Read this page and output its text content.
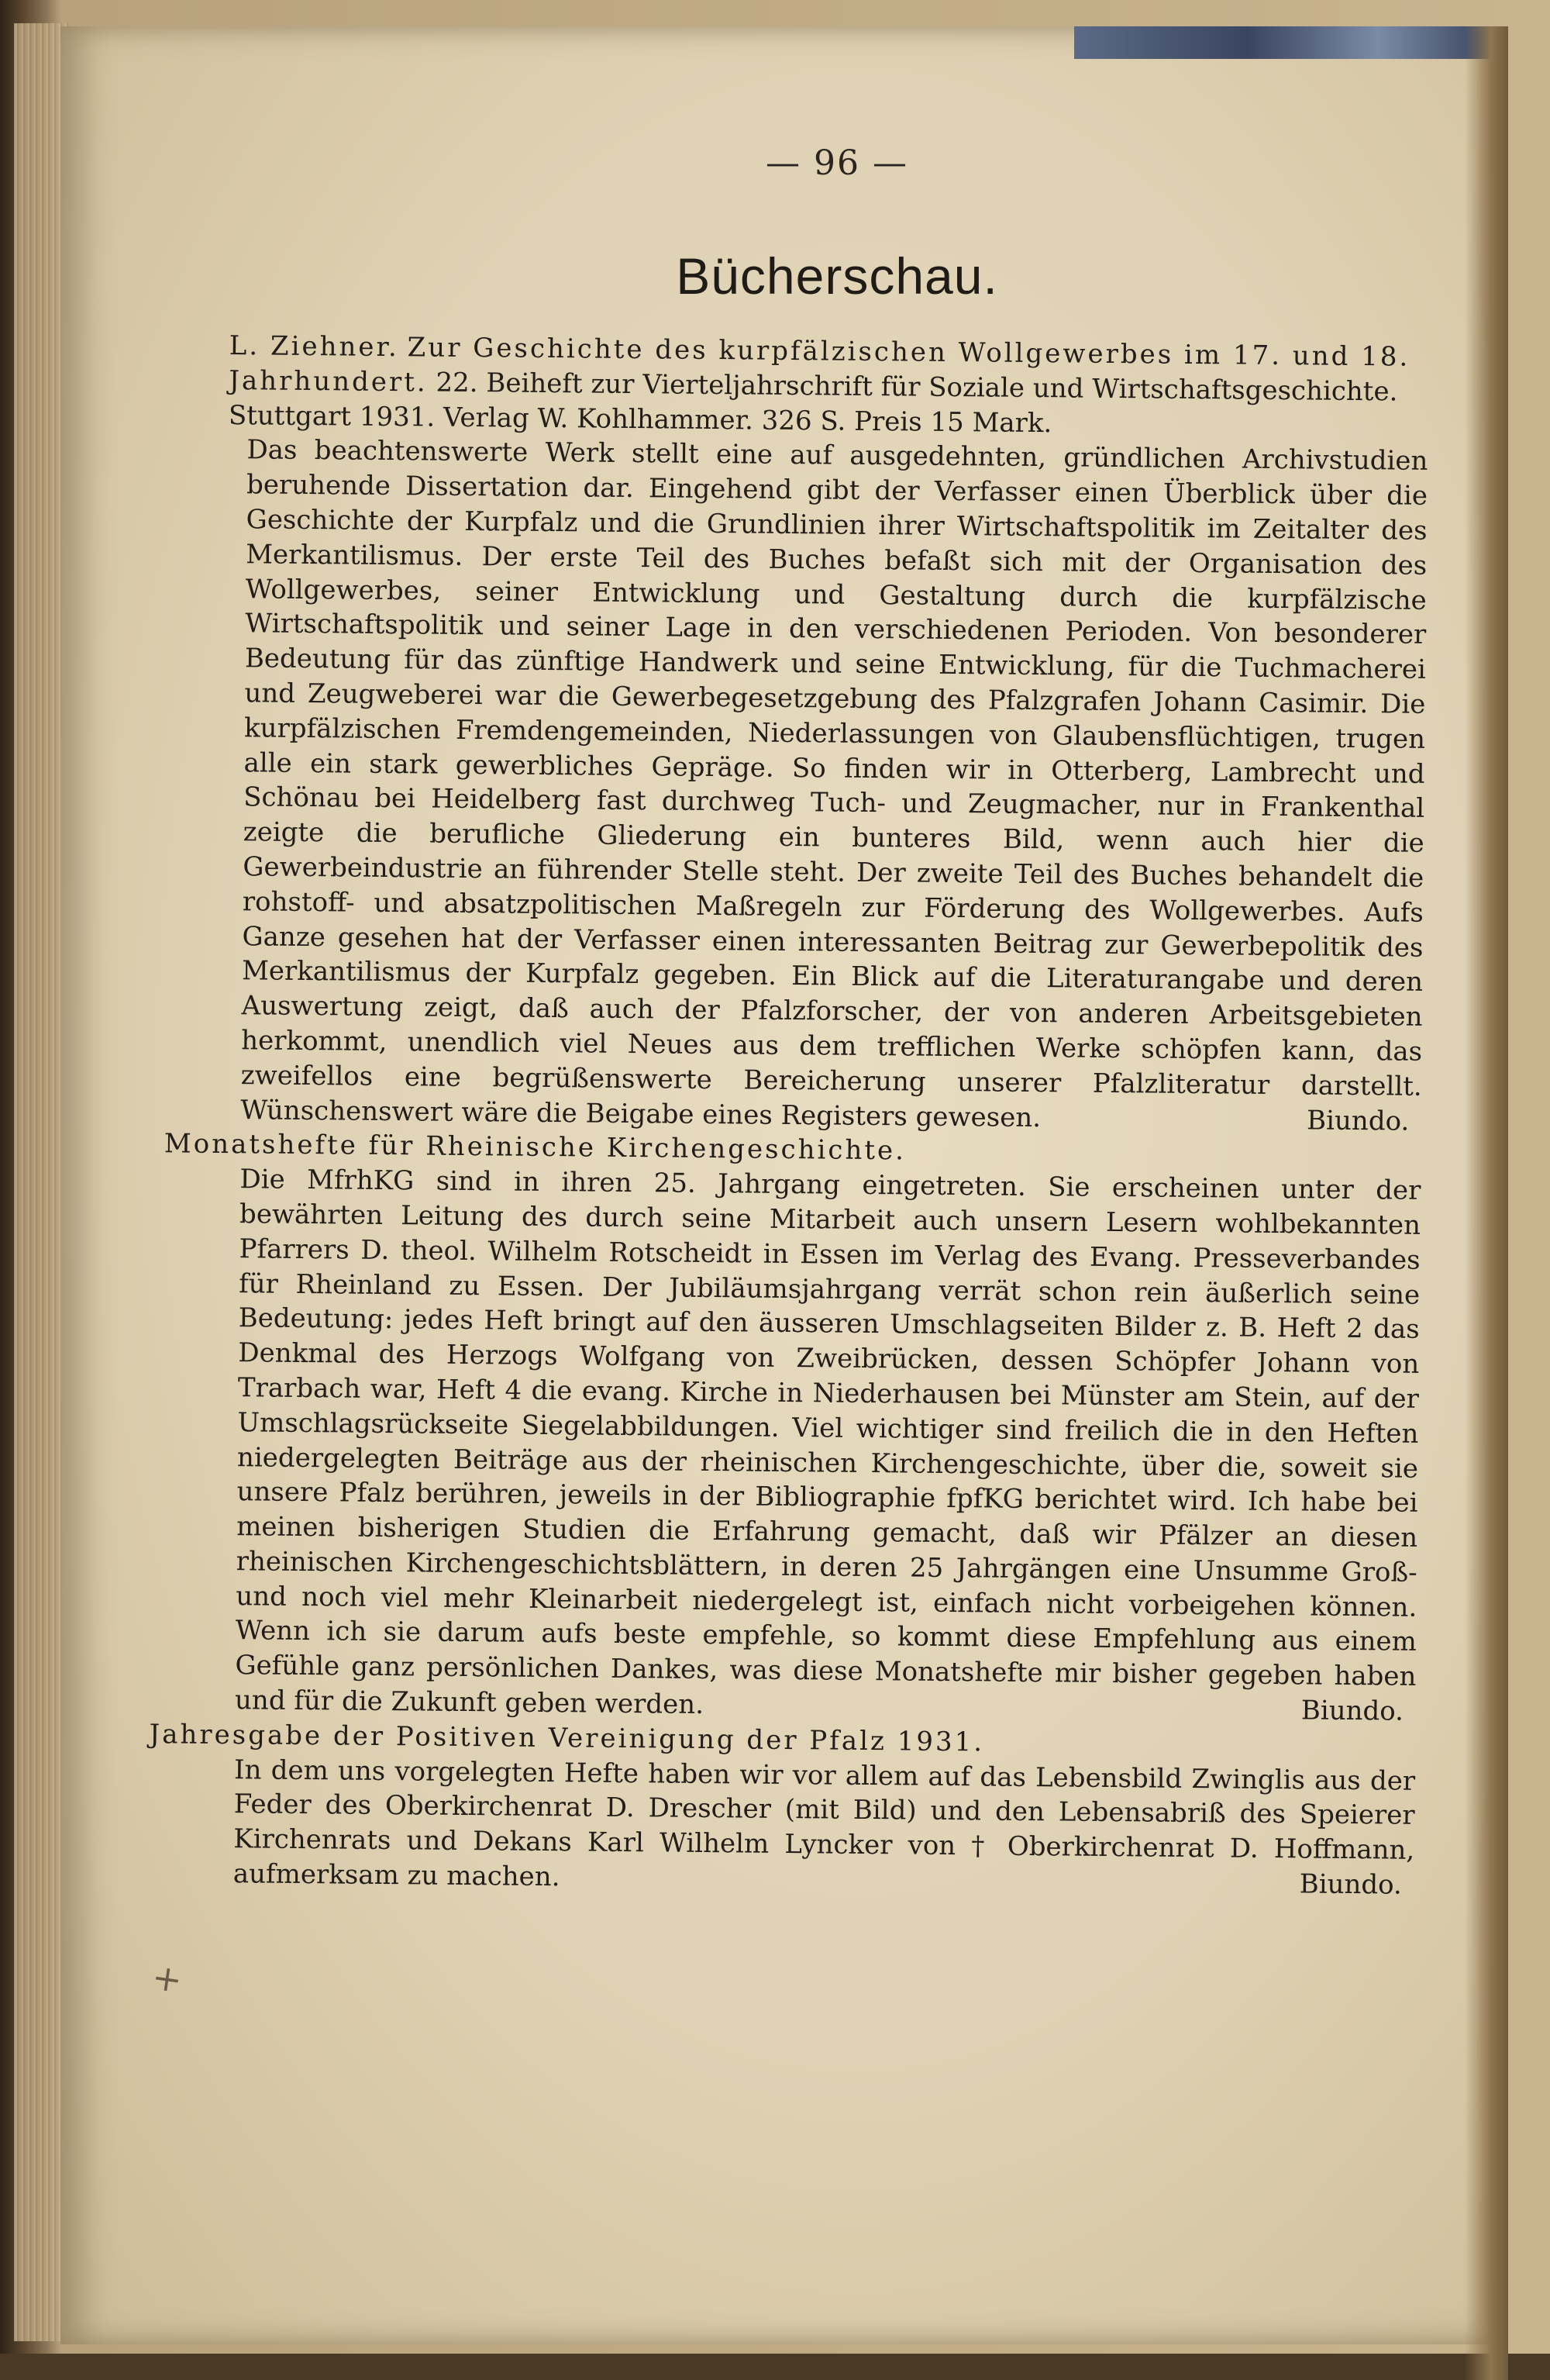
— 96 —
Bücherschau.
+

L. Ziehner. Zur Geschichte des kurpfälzischen Wollgewerbes im 17. und 18. Jahrhundert. 22. Beiheft zur Vierteljahrschrift für Soziale und Wirtschaftsgeschichte. Stuttgart 1931. Verlag W. Kohlhammer. 326 S. Preis 15 Mark.

Das beachtenswerte Werk stellt eine auf ausgedehnten, gründlichen Archivstudien beruhende Dissertation dar. Eingehend gibt der Verfasser einen Überblick über die Geschichte der Kurpfalz und die Grundlinien ihrer Wirtschaftspolitik im Zeitalter des Merkantilismus. Der erste Teil des Buches befaßt sich mit der Organisation des Wollgewerbes, seiner Entwicklung und Gestaltung durch die kurpfälzische Wirtschaftspolitik und seiner Lage in den verschiedenen Perioden. Von besonderer Bedeutung für das zünftige Handwerk und seine Entwicklung, für die Tuchmacherei und Zeugweberei war die Gewerbegesetzgebung des Pfalzgrafen Johann Casimir. Die kurpfälzischen Fremdengemeinden, Niederlassungen von Glaubensflüchtigen, trugen alle ein stark gewerbliches Gepräge. So finden wir in Otterberg, Lambrecht und Schönau bei Heidelberg fast durchweg Tuch- und Zeugmacher, nur in Frankenthal zeigte die berufliche Gliederung ein bunteres Bild, wenn auch hier die Gewerbeindustrie an führender Stelle steht. Der zweite Teil des Buches behandelt die rohstoff- und absatzpolitischen Maßregeln zur Förderung des Wollgewerbes. Aufs Ganze gesehen hat der Verfasser einen interessanten Beitrag zur Gewerbepolitik des Merkantilismus der Kurpfalz gegeben. Ein Blick auf die Literaturangabe und deren Auswertung zeigt, daß auch der Pfalzforscher, der von anderen Arbeitsgebieten herkommt, unendlich viel Neues aus dem trefflichen Werke schöpfen kann, das zweifellos eine begrüßenswerte Bereicherung unserer Pfalzliteratur darstellt. Wünschenswert wäre die Beigabe eines Registers gewesen.	Biundo.

Monatshefte für Rheinische Kirchengeschichte.

Die MfrhKG sind in ihren 25. Jahrgang eingetreten. Sie erscheinen unter der bewährten Leitung des durch seine Mitarbeit auch unsern Lesern wohlbekannten Pfarrers D. theol. Wilhelm Rotscheidt in Essen im Verlag des Evang. Presseverbandes für Rheinland zu Essen. Der Jubiläumsjahrgang verrät schon rein äußerlich seine Bedeutung: jedes Heft bringt auf den äusseren Umschlagseiten Bilder z. B. Heft 2 das Denkmal des Herzogs Wolfgang von Zweibrücken, dessen Schöpfer Johann von Trarbach war, Heft 4 die evang. Kirche in Niederhausen bei Münster am Stein, auf der Umschlagsrückseite Siegelabbildungen. Viel wichtiger sind freilich die in den Heften niedergelegten Beiträge aus der rheinischen Kirchengeschichte, über die, soweit sie unsere Pfalz berühren, jeweils in der Bibliographie fpfKG berichtet wird. Ich habe bei meinen bisherigen Studien die Erfahrung gemacht, daß wir Pfälzer an diesen rheinischen Kirchengeschichtsblättern, in deren 25 Jahrgängen eine Unsumme Groß- und noch viel mehr Kleinarbeit niedergelegt ist, einfach nicht vorbeigehen können. Wenn ich sie darum aufs beste empfehle, so kommt diese Empfehlung aus einem Gefühle ganz persönlichen Dankes, was diese Monatshefte mir bisher gegeben haben und für die Zukunft geben werden.	Biundo.

Jahresgabe der Positiven Vereinigung der Pfalz 1931.

In dem uns vorgelegten Hefte haben wir vor allem auf das Lebensbild Zwinglis aus der Feder des Oberkirchenrat D. Drescher (mit Bild) und den Lebensabriß des Speierer Kirchenrats und Dekans Karl Wilhelm Lyncker von † Oberkirchenrat D. Hoffmann, aufmerksam zu machen.	Biundo.
